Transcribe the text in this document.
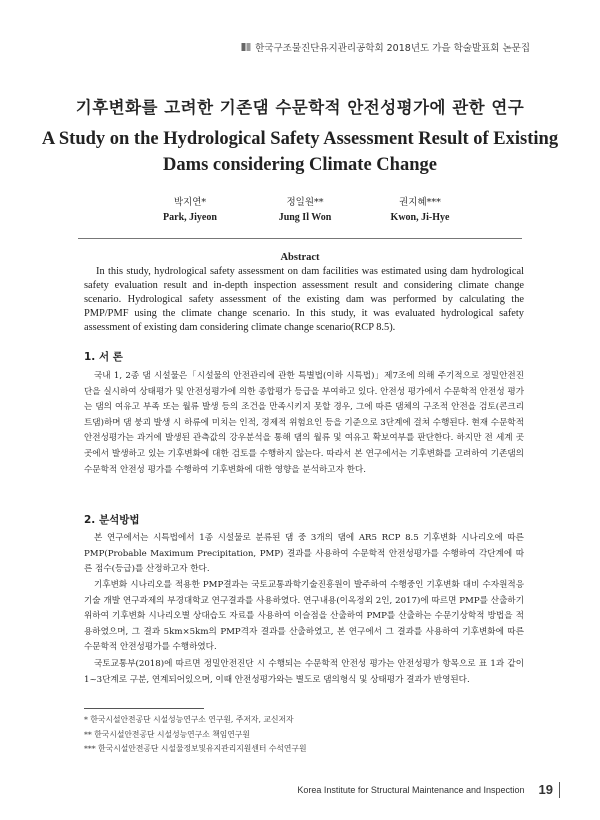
한국구조물진단유지관리공학회 2018년도 가을 학술발표회 논문집
기후변화를 고려한 기존댐 수문학적 안전성평가에 관한 연구
A Study on the Hydrological Safety Assessment Result of Existing
Dams considering Climate Change
박지연*
Park, Jiyeon
정일원**
Jung Il Won
권지혜***
Kwon, Ji-Hye
Abstract

In this study, hydrological safety assessment on dam facilities was estimated using dam hydrological safety evaluation result and in-depth inspection assessment result and considering climate change scenario. Hydrological safety assessment of the existing dam was performed by calculating the PMP/PMF using the climate change scenario. In this study, it was evaluated hydrological safety assessment of existing dam considering climate change scenario(RCP 8.5).

1. 서 론

국내 1, 2종 댐 시설물은「시설물의 안전관리에 관한 특별법(이하 시특법)」제7조에 의해 주기적으로 정밀안전진단을 실시하여 상태평가 및 안전성평가에 의한 종합평가 등급을 부여하고 있다. 안전성 평가에서 수문학적 안전성 평가는 댐의 여유고 부족 또는 월류 발생 등의 조건을 만족시키지 못할 경우, 그에 따른 댐체의 구조적 안전을 검토(콘크리트댐)하며 댐 붕괴 발생 시 하류에 미치는 인적, 경제적 위험요인 등을 기준으로 3단계에 걸쳐 수행된다. 현재 수문학적 안전성평가는 과거에 발생된 관측값의 강우분석을 통해 댐의 월류 및 여유고 확보여부를 판단한다. 하지만 전 세계 곳곳에서 발생하고 있는 기후변화에 대한 검토를 수행하지 않는다. 따라서 본 연구에서는 기후변화를 고려하여 기존댐의 수문학적 안전성 평가를 수행하여 기후변화에 대한 영향을 분석하고자 한다.

2. 분석방법

본 연구에서는 시특법에서 1종 시설물로 분류된 댐 중 3개의 댐에 AR5 RCP 8.5 기후변화 시나리오에 따른 PMP(Probable Maximum Precipitation, PMP) 결과를 사용하여 수문학적 안전성평가를 수행하여 각단계에 따른 점수(등급)를 산정하고자 한다.

기후변화 시나리오를 적용한 PMP결과는 국토교통과학기술진흥원이 발주하여 수행중인 기후변화 대비 수자원적응기술 개발 연구과제의 부경대학교 연구결과를 사용하였다. 연구내용(이옥정외 2인, 2017)에 따르면 PMP를 산출하기 위하여 기후변화 시나리오별 상대습도 자료를 사용하여 이슬점을 산출하여 PMP를 산출하는 수문기상학적 방법을 적용하였으며, 그 결과 5km×5km의 PMP격자 결과를 산출하였고, 본 연구에서 그 결과를 사용하여 기후변화에 따른 수문학적 안전성평가를 수행하였다.

국토교통부(2018)에 따르면 정밀안전진단 시 수행되는 수문학적 안전성 평가는 안전성평가 항목으로 표 1과 같이 1~3단계로 구분, 연계되어있으며, 이때 안전성평가와는 별도로 댐의형식 및 상태평가 결과가 반영된다.

* 한국시설안전공단 시설성능연구소 연구원, 주저자, 교신저자
** 한국시설안전공단 시설성능연구소 책임연구원
*** 한국시설안전공단 시설물정보및유지관리지원센터 수석연구원
Korea Institute for Structural Maintenance and Inspection 19
